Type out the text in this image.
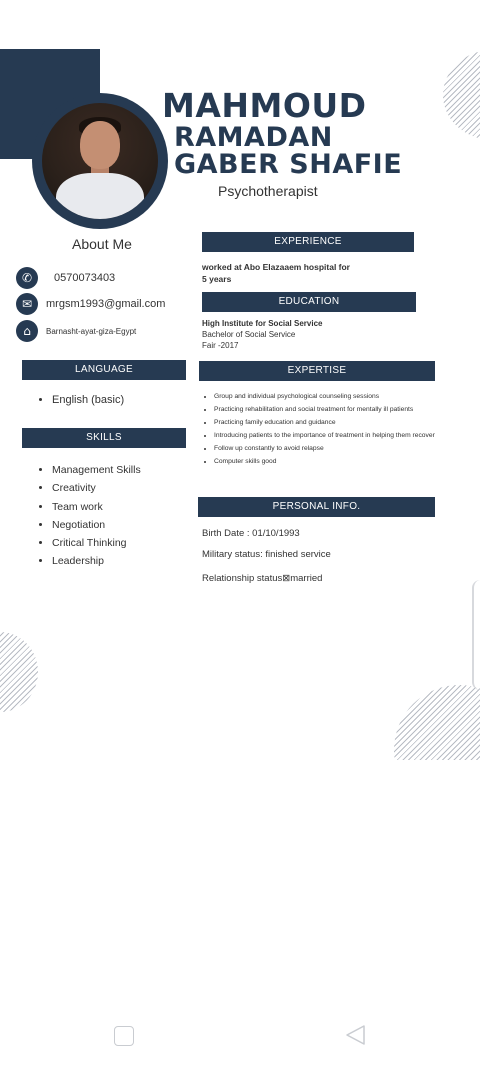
MAHMOUD
RAMADAN
GABER SHAFIE
Psychotherapist
About Me
✆	0570073403
✉	mrgsm1993@gmail.com
⌂	Barnasht-ayat-giza-Egypt
LANGUAGE
• English (basic)
SKILLS
• Management Skills
• Creativity
• Team work
• Negotiation
• Critical Thinking
• Leadership
EXPERIENCE
worked at Abo Elazaaem hospital for
5 years
EDUCATION
High Institute for Social Service
Bachelor of Social Service
Fair -2017
EXPERTISE
• Group and individual psychological counseling sessions
• Practicing rehabilitation and social treatment for mentally ill patients
• Practicing family education and guidance
• Introducing patients to the importance of treatment in helping them recover
• Follow up constantly to avoid relapse
• Computer skills good
PERSONAL INFO.
Birth Date : 01/10/1993
Military status: finished service
Relationship status⊠married
